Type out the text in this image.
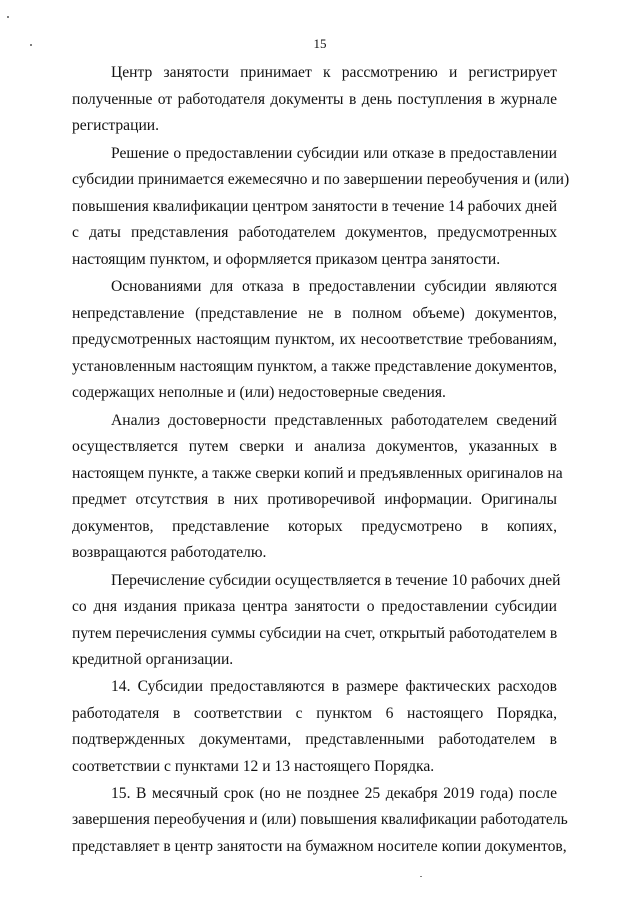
15
Центр занятости принимает к рассмотрению и регистрирует
полученные от работодателя документы в день поступления в журнале
регистрации.
Решение о предоставлении субсидии или отказе в предоставлении
субсидии принимается ежемесячно и по завершении переобучения и (или)
повышения квалификации центром занятости в течение 14 рабочих дней
с даты представления работодателем документов, предусмотренных
настоящим пунктом, и оформляется приказом центра занятости.
Основаниями для отказа в предоставлении субсидии являются
непредставление (представление не в полном объеме) документов,
предусмотренных настоящим пунктом, их несоответствие требованиям,
установленным настоящим пунктом, а также представление документов,
содержащих неполные и (или) недостоверные сведения.
Анализ достоверности представленных работодателем сведений
осуществляется путем сверки и анализа документов, указанных в
настоящем пункте, а также сверки копий и предъявленных оригиналов на
предмет отсутствия в них противоречивой информации. Оригиналы
документов, представление которых предусмотрено в копиях,
возвращаются работодателю.
Перечисление субсидии осуществляется в течение 10 рабочих дней
со дня издания приказа центра занятости о предоставлении субсидии
путем перечисления суммы субсидии на счет, открытый работодателем в
кредитной организации.
14. Субсидии предоставляются в размере фактических расходов
работодателя в соответствии с пунктом 6 настоящего Порядка,
подтвержденных документами, представленными работодателем в
соответствии с пунктами 12 и 13 настоящего Порядка.
15. В месячный срок (но не позднее 25 декабря 2019 года) после
завершения переобучения и (или) повышения квалификации работодатель
представляет в центр занятости на бумажном носителе копии документов,
